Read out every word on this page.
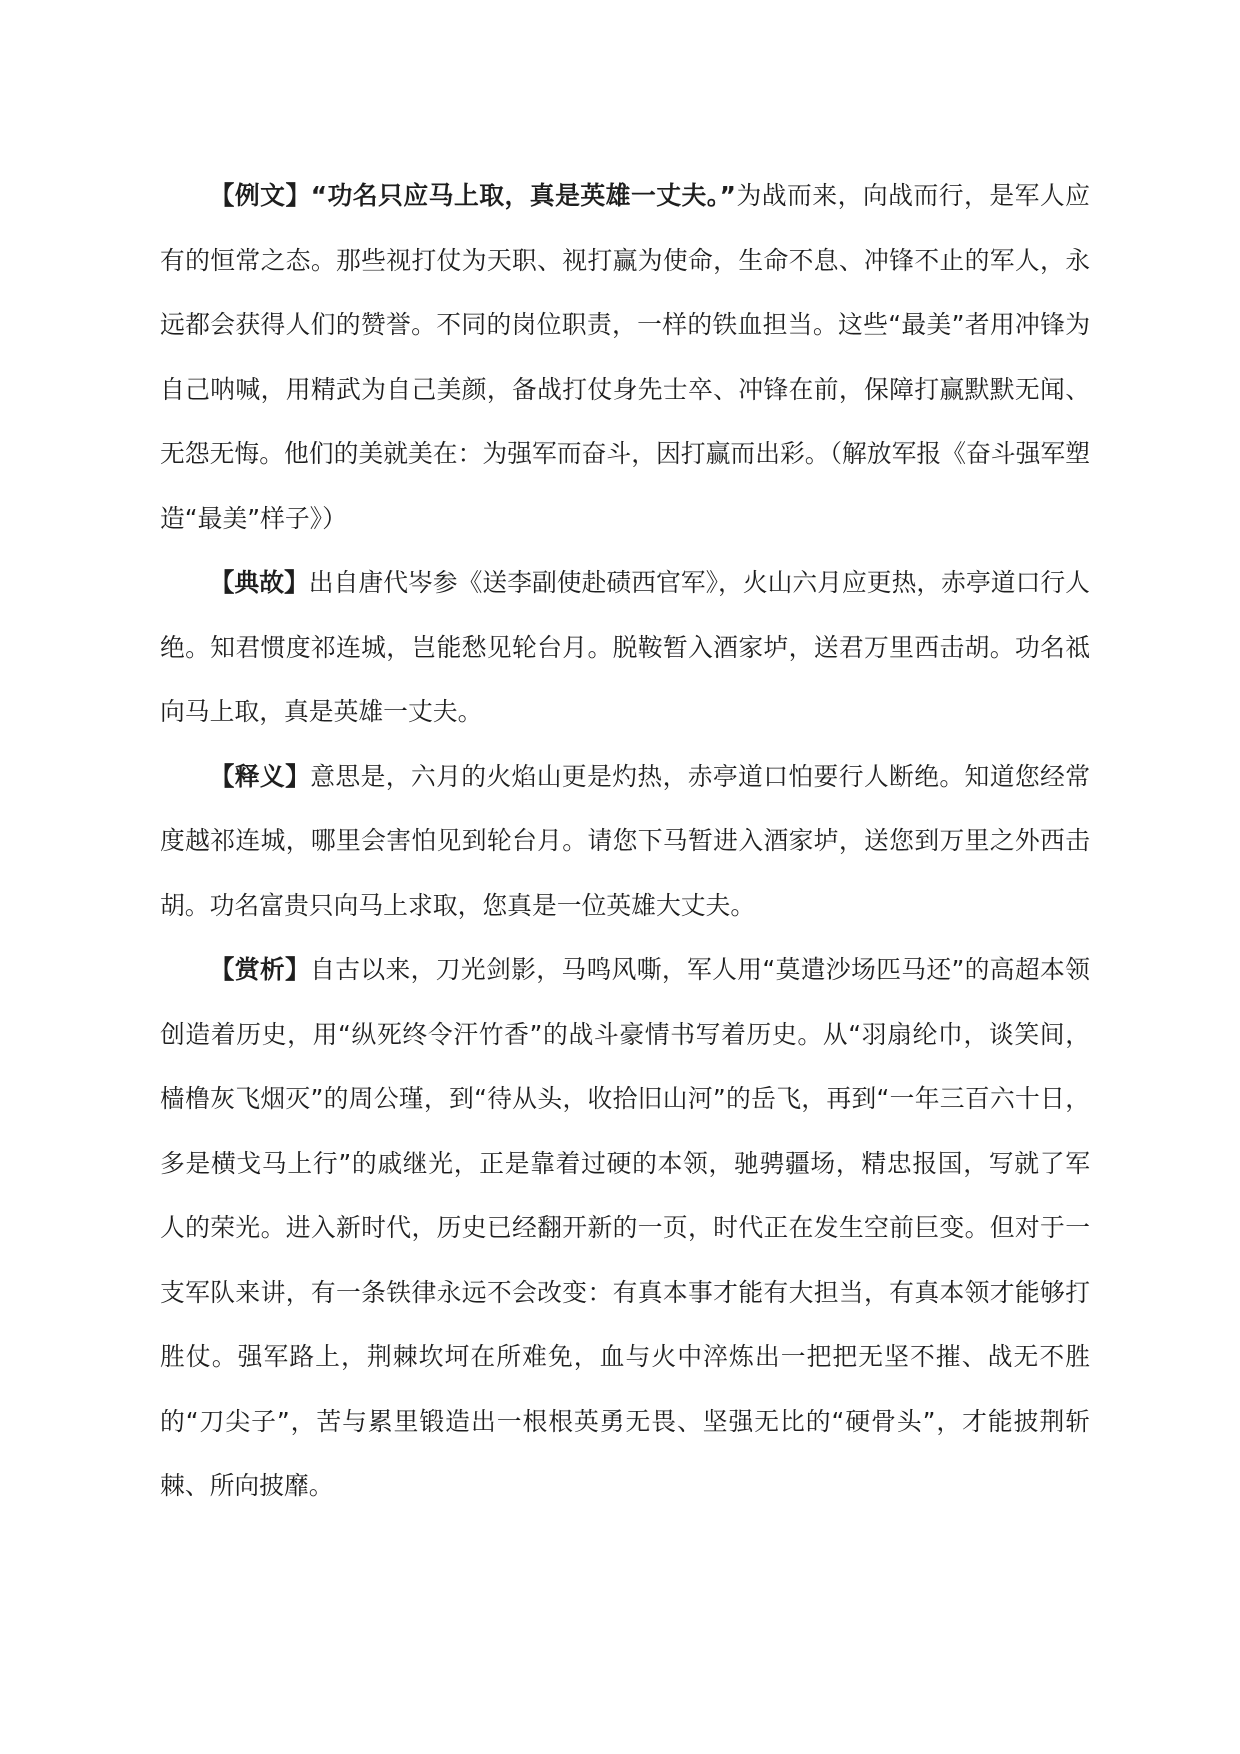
【例文】“功名只应马上取，真是英雄一丈夫。”为战而来，向战而行，是军人应有的恒常之态。那些视打仗为天职、视打赢为使命，生命不息、冲锋不止的军人，永远都会获得人们的赞誉。不同的岗位职责，一样的铁血担当。这些“最美”者用冲锋为自己呐喊，用精武为自己美颜，备战打仗身先士卒、冲锋在前，保障打赢默默无闻、无怨无悔。他们的美就美在：为强军而奋斗，因打赢而出彩。（解放军报《奋斗强军塑造“最美”样子》）

【典故】出自唐代岑参《送李副使赴碛西官军》，火山六月应更热，赤亭道口行人绝。知君惯度祁连城，岂能愁见轮台月。脱鞍暂入酒家垆，送君万里西击胡。功名祗向马上取，真是英雄一丈夫。

【释义】意思是，六月的火焰山更是灼热，赤亭道口怕要行人断绝。知道您经常度越祁连城，哪里会害怕见到轮台月。请您下马暂进入酒家垆，送您到万里之外西击胡。功名富贵只向马上求取，您真是一位英雄大丈夫。

【赏析】自古以来，刀光剑影，马鸣风嘶，军人用“莫遣沙场匹马还”的高超本领创造着历史，用“纵死终令汗竹香”的战斗豪情书写着历史。从“羽扇纶巾，谈笑间，樯橹灰飞烟灭”的周公瑾，到“待从头，收拾旧山河”的岳飞，再到“一年三百六十日，多是横戈马上行”的戚继光，正是靠着过硬的本领，驰骋疆场，精忠报国，写就了军人的荣光。进入新时代，历史已经翻开新的一页，时代正在发生空前巨变。但对于一支军队来讲，有一条铁律永远不会改变：有真本事才能有大担当，有真本领才能够打胜仗。强军路上，荆棘坎坷在所难免，血与火中淬炼出一把把无坚不摧、战无不胜的“刀尖子”，苦与累里锻造出一根根英勇无畏、坚强无比的“硬骨头”，才能披荆斩棘、所向披靡。
